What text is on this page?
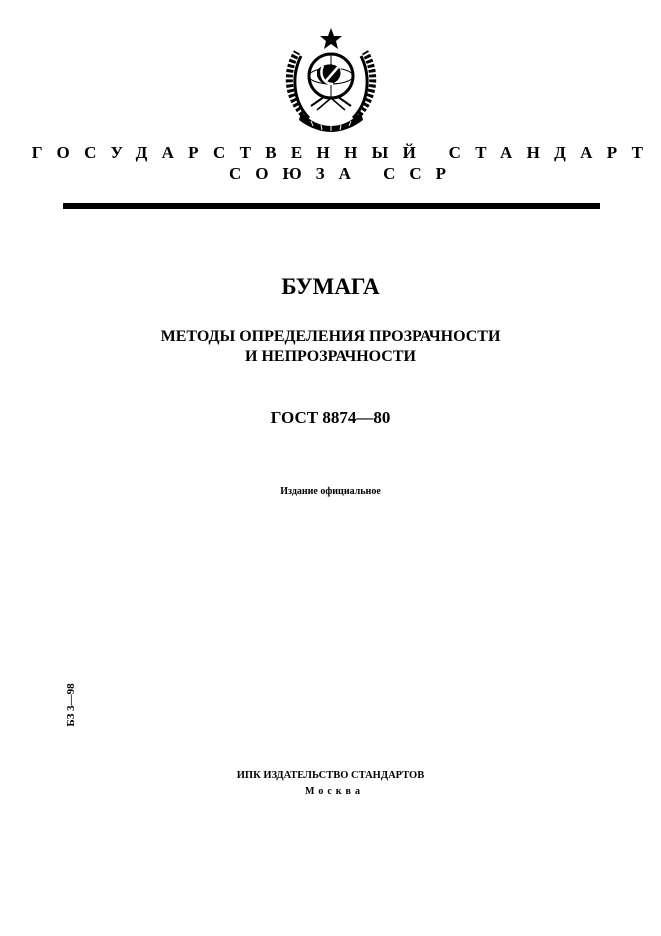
ГОСУДАРСТВЕННЫЙ СТАНДАРТ
СОЮЗА ССР
БУМАГА
МЕТОДЫ ОПРЕДЕЛЕНИЯ ПРОЗРАЧНОСТИ
И НЕПРОЗРАЧНОСТИ
ГОСТ 8874—80
Издание официальное
БЗ 3—98
ИПК ИЗДАТЕЛЬСТВО СТАНДАРТОВ
Москва
